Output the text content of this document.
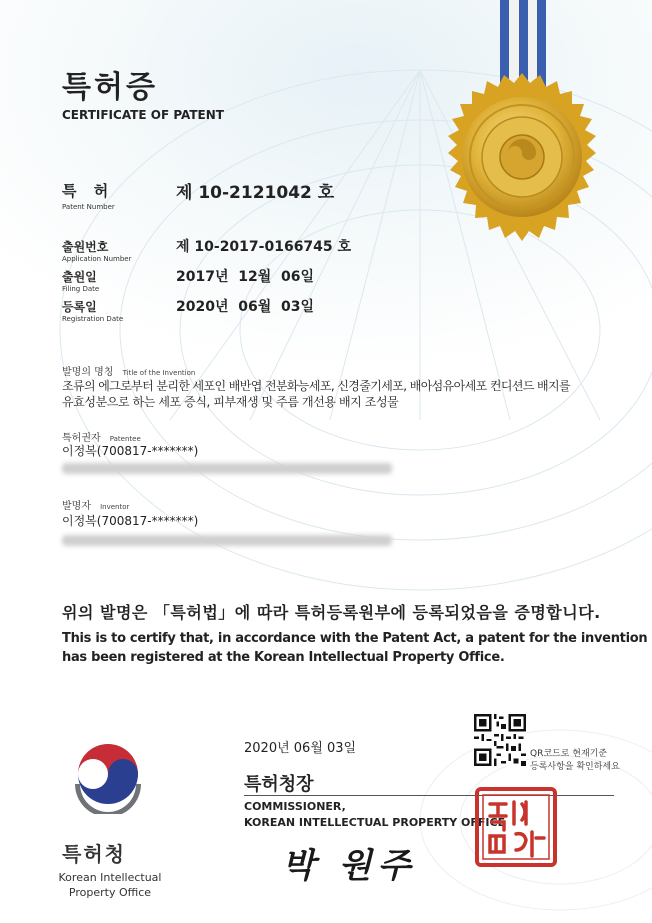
특허증
CERTIFICATE OF PATENT
특 허
Patent Number
제 10-2121042 호
출원번호
Application Number
제 10-2017-0166745 호
출원일
Filing Date
2017년  12월  06일
등록일
Registration Date
2020년  06월  03일
발명의 명칭 Title of the Invention
조류의 에그로부터 분리한 세포인 배반엽 전분화능세포, 신경줄기세포, 배아섬유아세포 컨디션드 배지를
유효성분으로 하는 세포 증식, 피부재생 및 주름 개선용 배지 조성물
특허권자 Patentee
이정복(700817-*******)
발명자 Inventor
이정복(700817-*******)
위의 발명은 「특허법」에 따라 특허등록원부에 등록되었음을 증명합니다.
This is to certify that, in accordance with the Patent Act, a patent for the invention
has been registered at the Korean Intellectual Property Office.
특허청
Korean Intellectual
Property Office
2020년 06월 03일
특허청장
COMMISSIONER,
KOREAN INTELLECTUAL PROPERTY OFFICE
박 원주
QR코드로 현재기준
등록사항을 확인하세요
